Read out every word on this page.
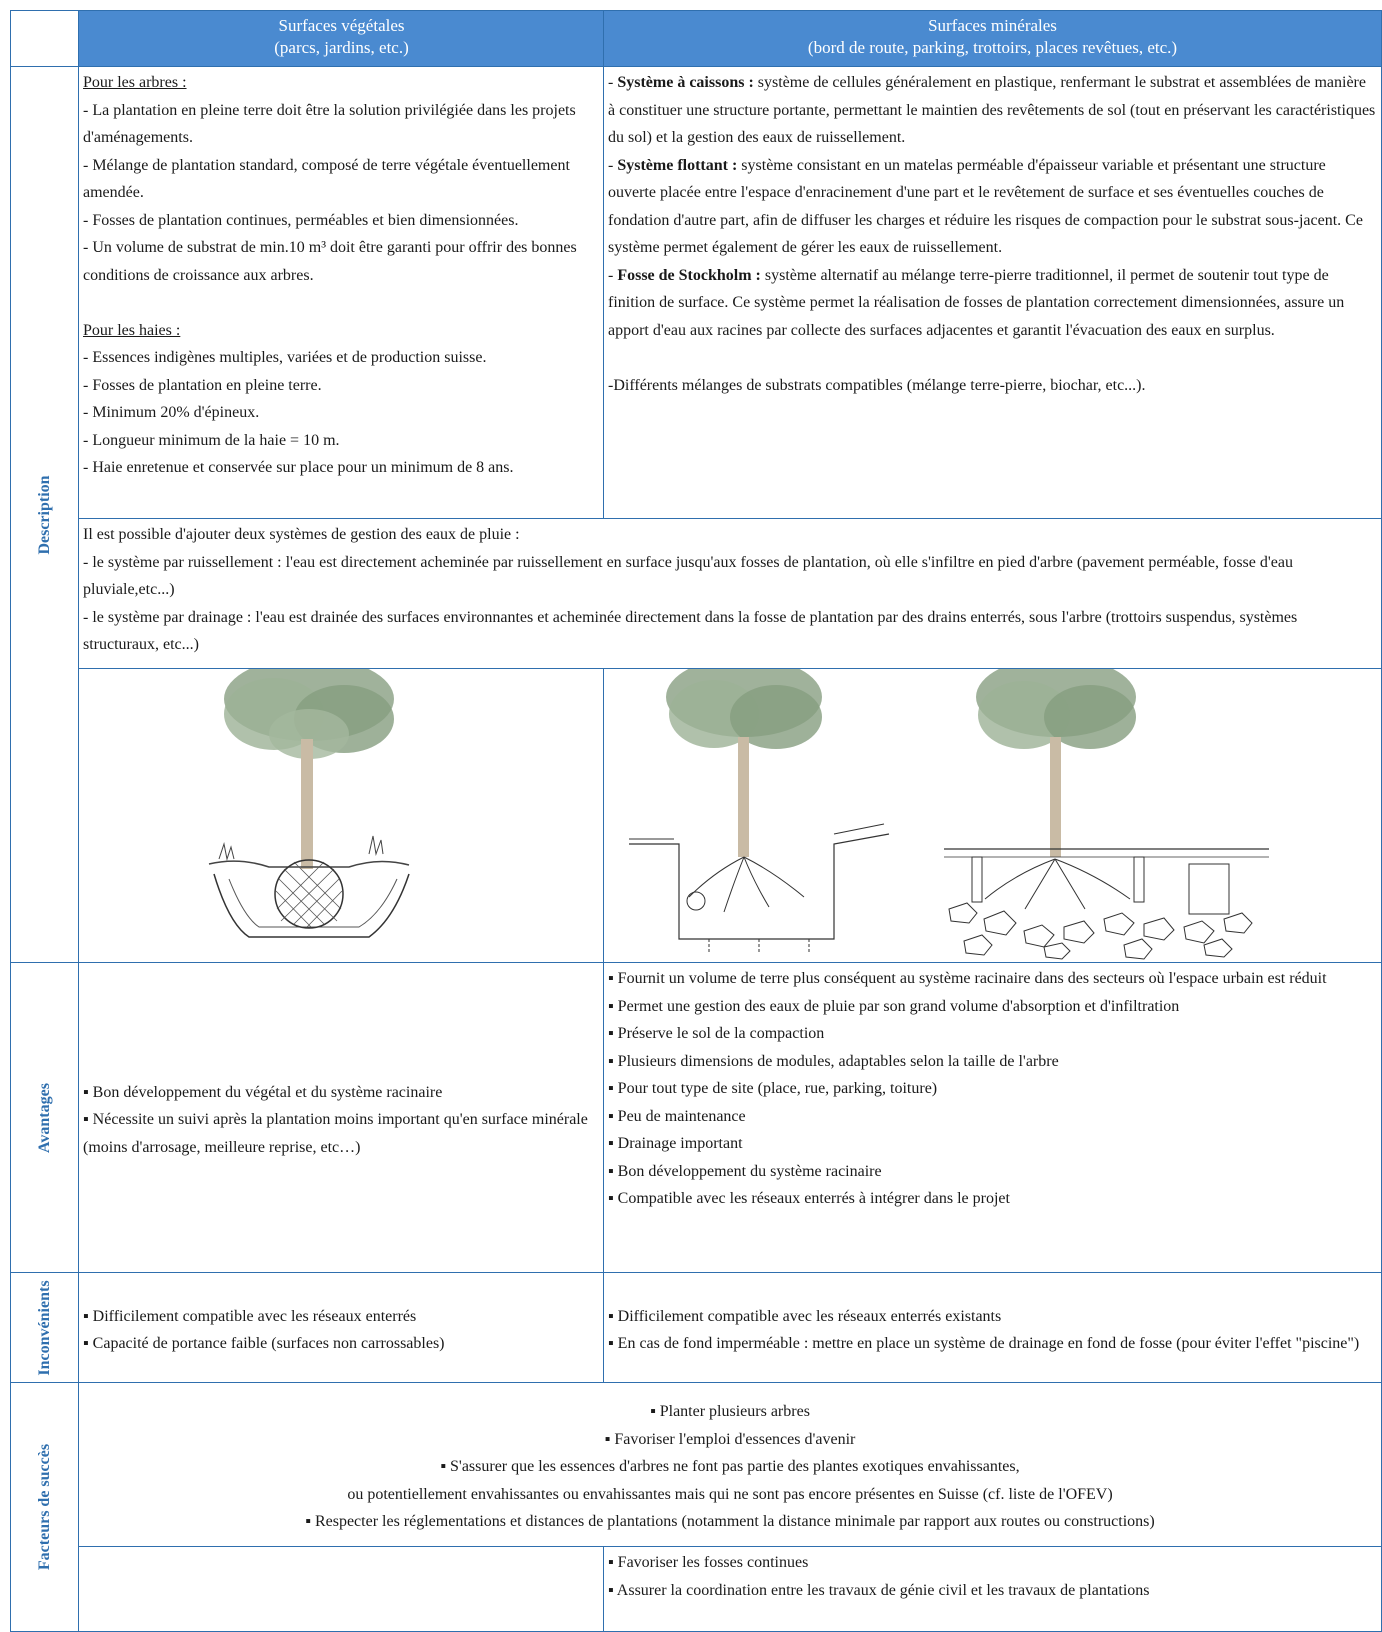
Surfaces végétales
(parcs, jardins, etc.)
Surfaces minérales
(bord de route, parking, trottoirs, places revêtues, etc.)
Description
Pour les arbres :
- La plantation en pleine terre doit être la solution privilégiée dans les projets d'aménagements.
- Mélange de plantation standard, composé de terre végétale éventuellement amendée.
- Fosses de plantation continues, perméables et bien dimensionnées.
- Un volume de substrat de min.10 m³ doit être garanti pour offrir des bonnes conditions de croissance aux arbres.
Pour les haies :
- Essences indigènes multiples, variées et de production suisse.
- Fosses de plantation en pleine terre.
- Minimum 20% d'épineux.
- Longueur minimum de la haie = 10 m.
- Haie enretenue et conservée sur place pour un minimum de 8 ans.
- Système à caissons : système de cellules généralement en plastique, renfermant le substrat et assemblées de manière à constituer une structure portante, permettant le maintien des revêtements de sol (tout en préservant les caractéristiques du sol) et la gestion des eaux de ruissellement.
- Système flottant : système consistant en un matelas perméable d'épaisseur variable et présentant une structure ouverte placée entre l'espace d'enracinement d'une part et le revêtement de surface et ses éventuelles couches de fondation d'autre part, afin de diffuser les charges et réduire les risques de compaction pour le substrat sous-jacent. Ce système permet également de gérer les eaux de ruissellement.
- Fosse de Stockholm : système alternatif au mélange terre-pierre traditionnel, il permet de soutenir tout type de finition de surface. Ce système permet la réalisation de fosses de plantation correctement dimensionnées, assure un apport d'eau aux racines par collecte des surfaces adjacentes et garantit l'évacuation des eaux en surplus.
-Différents mélanges de substrats compatibles (mélange terre-pierre, biochar, etc...).
Il est possible d'ajouter deux systèmes de gestion des eaux de pluie :
- le système par ruissellement : l'eau est directement acheminée par ruissellement en surface jusqu'aux fosses de plantation, où elle s'infiltre en pied d'arbre (pavement perméable, fosse d'eau pluviale,etc...)
- le système par drainage : l'eau est drainée des surfaces environnantes et acheminée directement dans la fosse de plantation par des drains enterrés, sous l'arbre (trottoirs suspendus, systèmes structuraux, etc...)
Avantages ▪ Bon développement du végétal et du système racinaire
▪ Nécessite un suivi après la plantation moins important qu'en surface minérale (moins d'arrosage, meilleure reprise, etc…)
▪ Fournit un volume de terre plus conséquent au système racinaire dans des secteurs où l'espace urbain est réduit
▪ Permet une gestion des eaux de pluie par son grand volume d'absorption et d'infiltration
▪ Préserve le sol de la compaction
▪ Plusieurs dimensions de modules, adaptables selon la taille de l'arbre
▪ Pour tout type de site (place, rue, parking, toiture)
▪ Peu de maintenance
▪ Drainage important
▪ Bon développement du système racinaire
▪ Compatible avec les réseaux enterrés à intégrer dans le projet
Inconvénients ▪ Difficilement compatible avec les réseaux enterrés
▪ Capacité de portance faible (surfaces non carrossables)
▪ Difficilement compatible avec les réseaux enterrés existants
▪ En cas de fond imperméable : mettre en place un système de drainage en fond de fosse (pour éviter l'effet "piscine")
Facteurs de succès
▪ Planter plusieurs arbres
▪ Favoriser l'emploi d'essences d'avenir
▪ S'assurer que les essences d'arbres ne font pas partie des plantes exotiques envahissantes,
ou potentiellement envahissantes ou envahissantes mais qui ne sont pas encore présentes en Suisse (cf. liste de l'OFEV)
▪ Respecter les réglementations et distances de plantations (notamment la distance minimale par rapport aux routes ou constructions)
▪ Favoriser les fosses continues
▪ Assurer la coordination entre les travaux de génie civil et les travaux de plantations
